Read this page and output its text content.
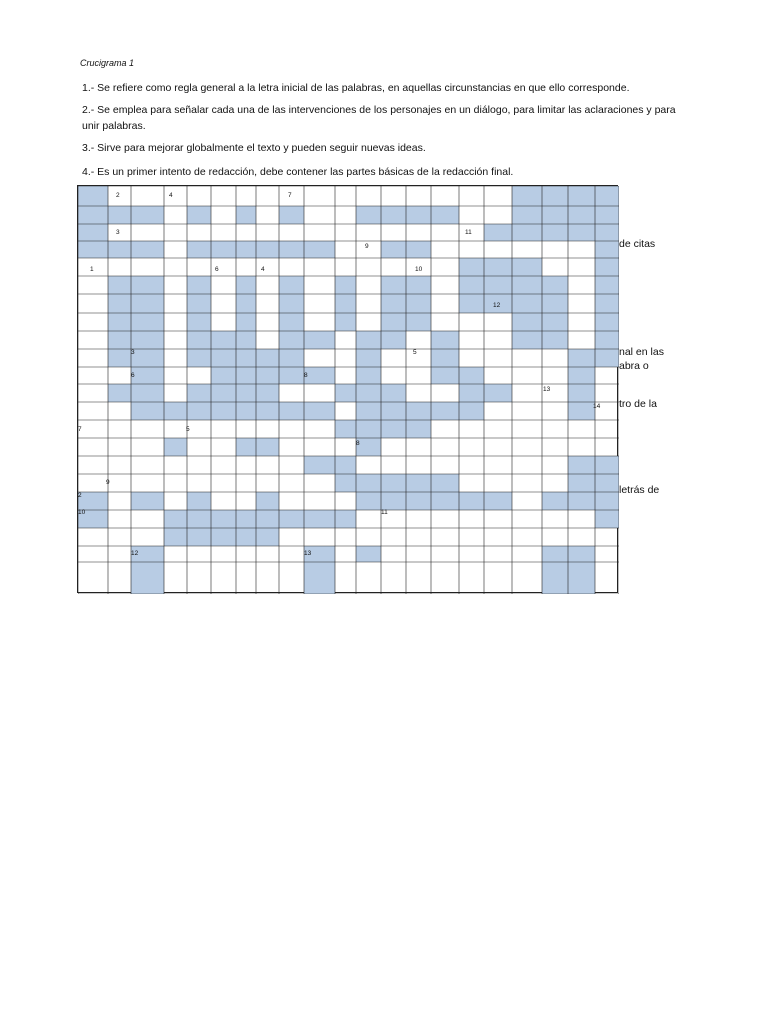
Crucigrama 1
1.- Se refiere como regla general a la letra inicial de las palabras, en aquellas circunstancias en que ello corresponde.
2.- Se emplea para señalar cada una de las intervenciones de los personajes en un diálogo, para limitar las aclaraciones y para unir palabras.
3.- Sirve para mejorar globalmente el texto y pueden seguir nuevas ideas.
4.- Es un primer intento de redacción, debe contener las partes básicas de la redacción final.
de citas
nal en las
abra o
tro de la
letrás de
2	4	7
3	11
9
1	6	4	10
12
3	5
6	8
13
14
7	5
8
9
2
10	11
12	13
